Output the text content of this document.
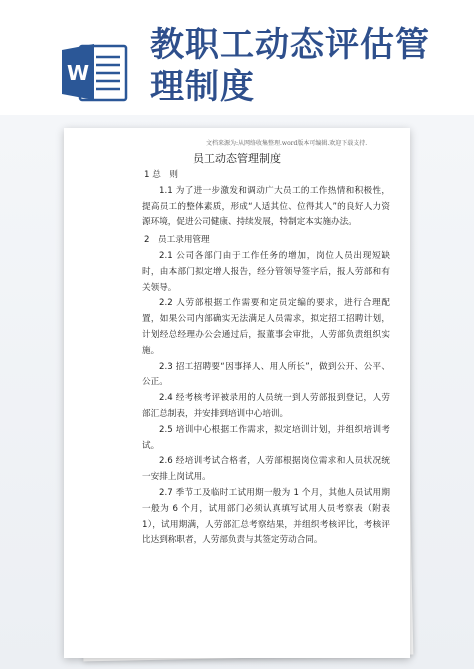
W
教职工动态评估管理制度
文档来源为:从网络收集整理.word版本可编辑.欢迎下载支持.
员工动态管理制度

1 总　则

1.1 为了进一步激发和调动广大员工的工作热情和积极性，提高员工的整体素质，形成“人适其位、位得其人”的良好人力资源环境，促进公司健康、持续发展，特制定本实施办法。

2　员工录用管理

2.1 公司各部门由于工作任务的增加，岗位人员出现短缺时，由本部门拟定增人报告，经分管领导签字后，报人劳部和有关领导。

2.2 人劳部根据工作需要和定员定编的要求，进行合理配置，如果公司内部确实无法满足人员需求，拟定招工招聘计划，计划经总经理办公会通过后，报董事会审批，人劳部负责组织实施。

2.3 招工招聘要“因事择人、用人所长”，做到公开、公平、公正。

2.4 经考核考评被录用的人员统一到人劳部报到登记，人劳部汇总制表，并安排到培训中心培训。

2.5 培训中心根据工作需求，拟定培训计划，并组织培训考试。

2.6 经培训考试合格者，人劳部根据岗位需求和人员状况统一安排上岗试用。

2.7 季节工及临时工试用期一般为 1 个月，其他人员试用期一般为 6 个月，试用部门必须认真填写试用人员考察表（附表 1），试用期满，人劳部汇总考察结果，并组织考核评比，考核评比达到称职者，人劳部负责与其签定劳动合同。
